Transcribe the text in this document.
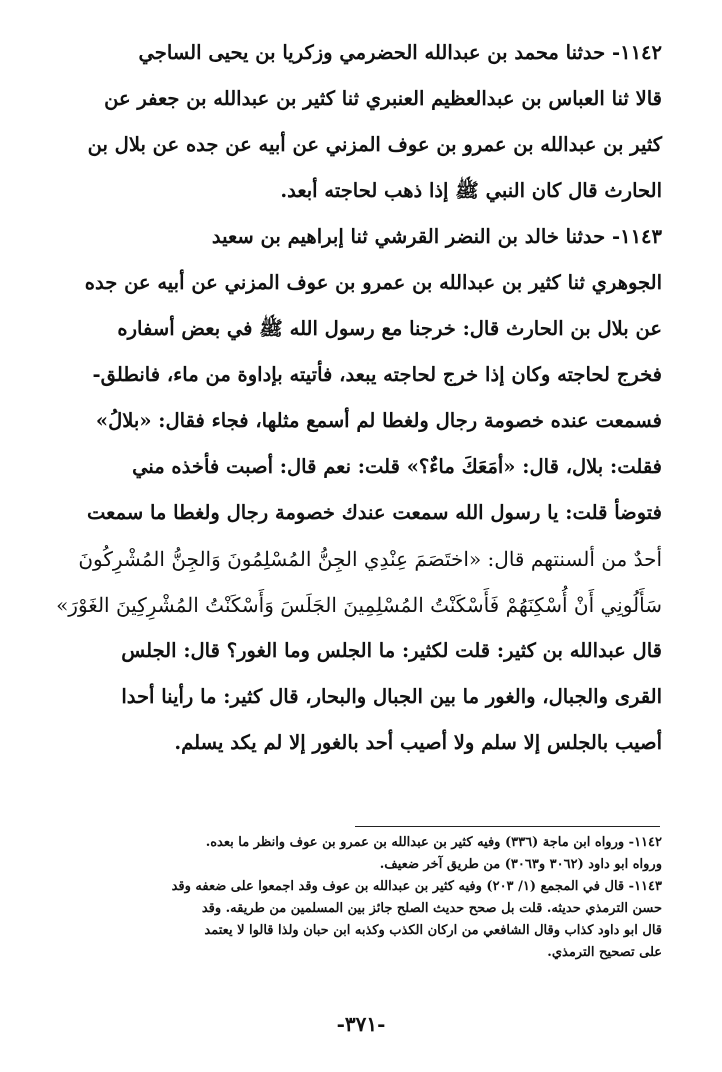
١١٤٢- حدثنا محمد بن عبدالله الحضرمي وزكريا بن يحيى الساجي
قالا ثنا العباس بن عبدالعظيم العنبري ثنا كثير بن عبدالله بن جعفر عن
كثير بن عبدالله بن عمرو بن عوف المزني عن أبيه عن جده عن بلال بن
الحارث قال كان النبي ﷺ إذا ذهب لحاجته أبعد.
١١٤٣- حدثنا خالد بن النضر القرشي ثنا إبراهيم بن سعيد
الجوهري ثنا كثير بن عبدالله بن عمرو بن عوف المزني عن أبيه عن جده
عن بلال بن الحارث قال: خرجنا مع رسول الله ﷺ في بعض أسفاره
فخرج لحاجته وكان إذا خرج لحاجته يبعد، فأتيته بإداوة من ماء، فانطلق-
فسمعت عنده خصومة رجال ولغطا لم أسمع مثلها، فجاء فقال: «بلالُ»
فقلت: بلال، قال: «أمَعَكَ ماءٌ؟» قلت: نعم قال: أصبت فأخذه مني
فتوضأ قلت: يا رسول الله سمعت عندك خصومة رجال ولغطا ما سمعت
أحدٌ من ألسنتهم قال: «اختَصَمَ عِنْدِي الجِنُّ المُسْلِمُونَ وَالجِنُّ المُشْرِكُونَ
سَأَلُونِي أَنْ أُسْكِنَهُمْ فَأَسْكَنْتُ المُسْلِمِينَ الجَلَسَ وَأَسْكَنْتُ المُشْرِكِينَ الغَوْرَ»
قال عبدالله بن كثير: قلت لكثير: ما الجلس وما الغور؟ قال: الجلس
القرى والجبال، والغور ما بين الجبال والبحار، قال كثير: ما رأينا أحدا
أصيب بالجلس إلا سلم ولا أصيب أحد بالغور إلا لم يكد يسلم.
١١٤٢- ورواه ابن ماجة (٣٣٦) وفيه كثير بن عبدالله بن عمرو بن عوف وانظر ما بعده.
ورواه ابو داود (٣٠٦٢ و٣٠٦٣) من طريق آخر ضعيف.
١١٤٣- قال في المجمع (١/ ٢٠٣) وفيه كثير بن عبدالله بن عوف وقد اجمعوا على ضعفه وقد
حسن الترمذي حديثه. قلت بل صحح حديث الصلح جائز بين المسلمين من طريقه. وقد
قال ابو داود كذاب وقال الشافعي من اركان الكذب وكذبه ابن حبان ولذا قالوا لا يعتمد
على تصحيح الترمذي.
-٣٧١-
